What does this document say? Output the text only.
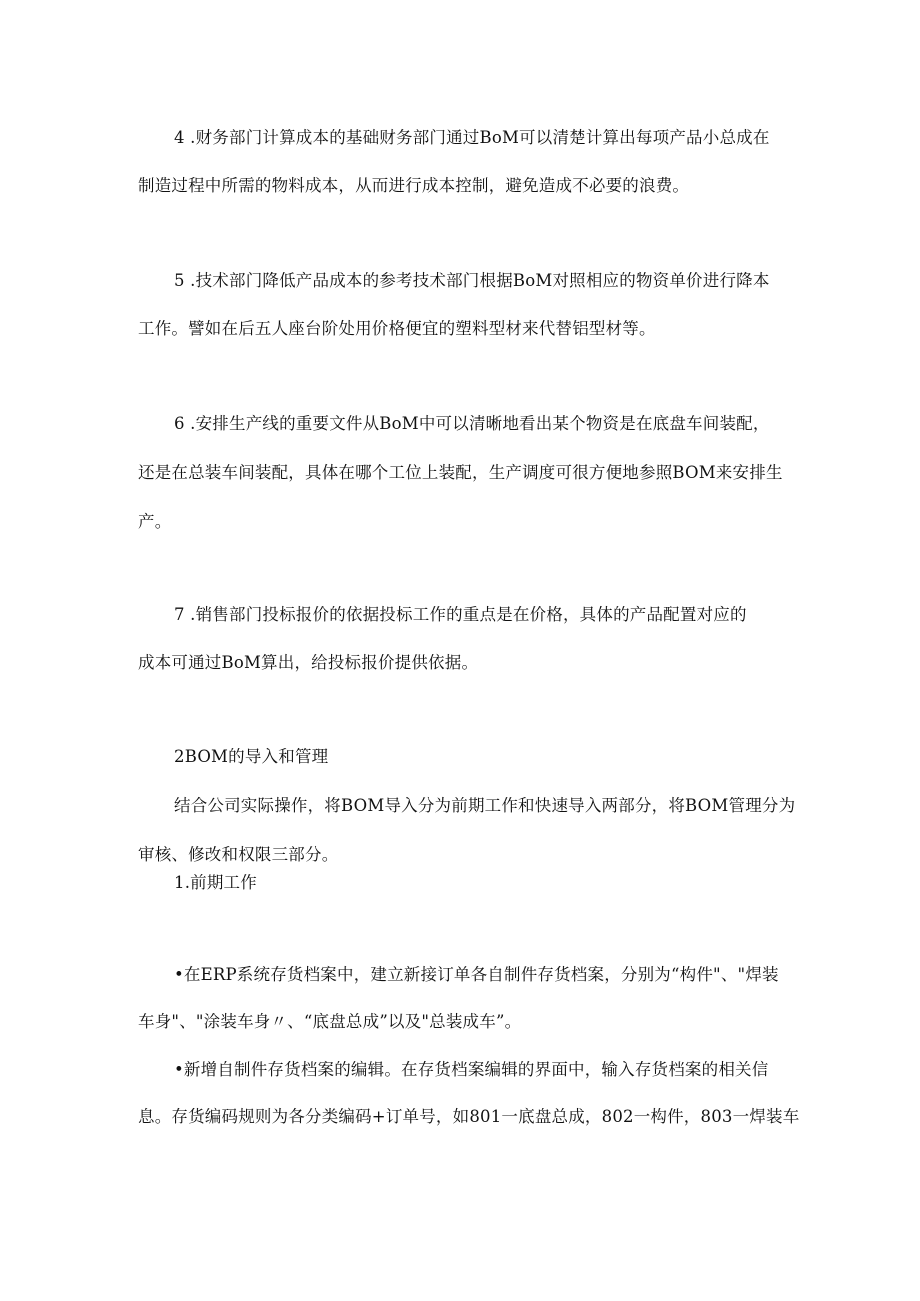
4 .财务部门计算成本的基础财务部门通过BoM可以清楚计算出每项产品小总成在
制造过程中所需的物料成本，从而进行成本控制，避免造成不必要的浪费。
5 .技术部门降低产品成本的参考技术部门根据BoM对照相应的物资单价进行降本
工作。譬如在后五人座台阶处用价格便宜的塑料型材来代替铝型材等。
6 .安排生产线的重要文件从BoM中可以清晰地看出某个物资是在底盘车间装配，
还是在总装车间装配，具体在哪个工位上装配，生产调度可很方便地参照BOM来安排生
产。
7 .销售部门投标报价的依据投标工作的重点是在价格，具体的产品配置对应的
成本可通过BoM算出，给投标报价提供依据。
2BOM的导入和管理
结合公司实际操作，将BOM导入分为前期工作和快速导入两部分，将BOM管理分为
审核、修改和权限三部分。
1.前期工作
•在ERP系统存货档案中，建立新接订单各自制件存货档案，分别为“构件"、"焊装
车身"、"涂装车身〃、“底盘总成”以及"总装成车”。
•新增自制件存货档案的编辑。在存货档案编辑的界面中，输入存货档案的相关信
息。存货编码规则为各分类编码+订单号，如801一底盘总成，802一构件，803一焊装车
